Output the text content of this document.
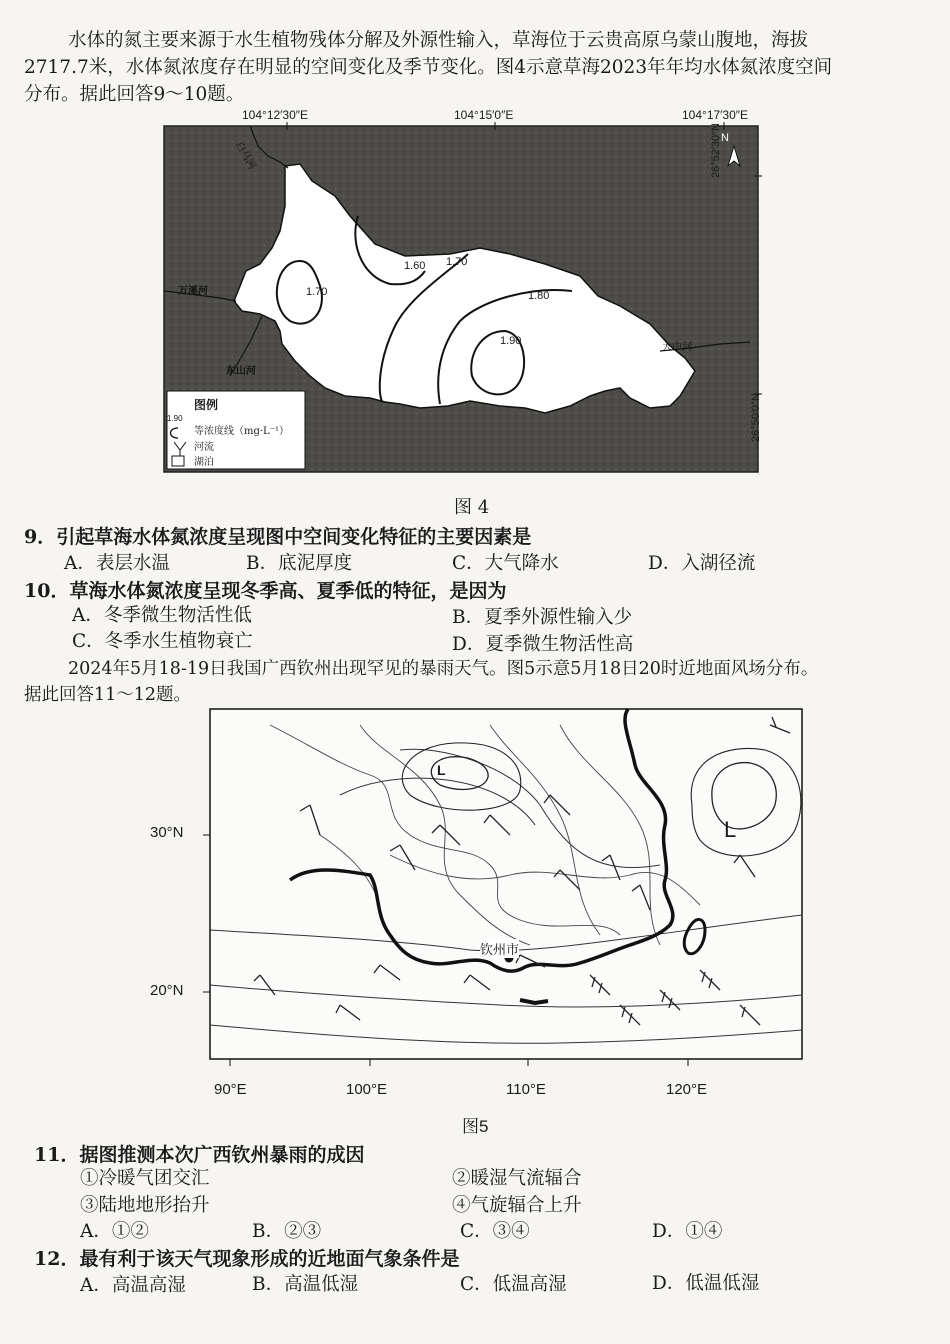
水体的氮主要来源于水生植物残体分解及外源性输入，草海位于云贵高原乌蒙山腹地，海拔
2717.7米，水体氮浓度存在明显的空间变化及季节变化。图4示意草海2023年年均水体氮浓度空间
分布。据此回答9～10题。
104°12′30″E	104°15′0″E	104°17′30″E
26°52′30″N
26°50′0″N
1.70
1.60 1.70
1.80
1.90
白马河
万溪河
东山河
大中河
N
图例
1.90
等浓度线（mg·L⁻¹）
河流
湖泊
图 4
9．引起草海水体氮浓度呈现图中空间变化特征的主要因素是
A．表层水温	B．底泥厚度	C．大气降水	D．入湖径流
10．草海水体氮浓度呈现冬季高、夏季低的特征，是因为
A．冬季微生物活性低	B．夏季外源性输入少
C．冬季水生植物衰亡	D．夏季微生物活性高
2024年5月18-19日我国广西钦州出现罕见的暴雨天气。图5示意5月18日20时近地面风场分布。
据此回答11～12题。
30°N
20°N
90°E	100°E	110°E	120°E
钦州市
L
L
图5
11．据图推测本次广西钦州暴雨的成因
①冷暖气团交汇	②暖湿气流辐合
③陆地地形抬升	④气旋辐合上升
A．①②	B．②③	C．③④	D．①④
12．最有利于该天气现象形成的近地面气象条件是
A．高温高湿	B．高温低湿	C．低温高湿	D．低温低湿
